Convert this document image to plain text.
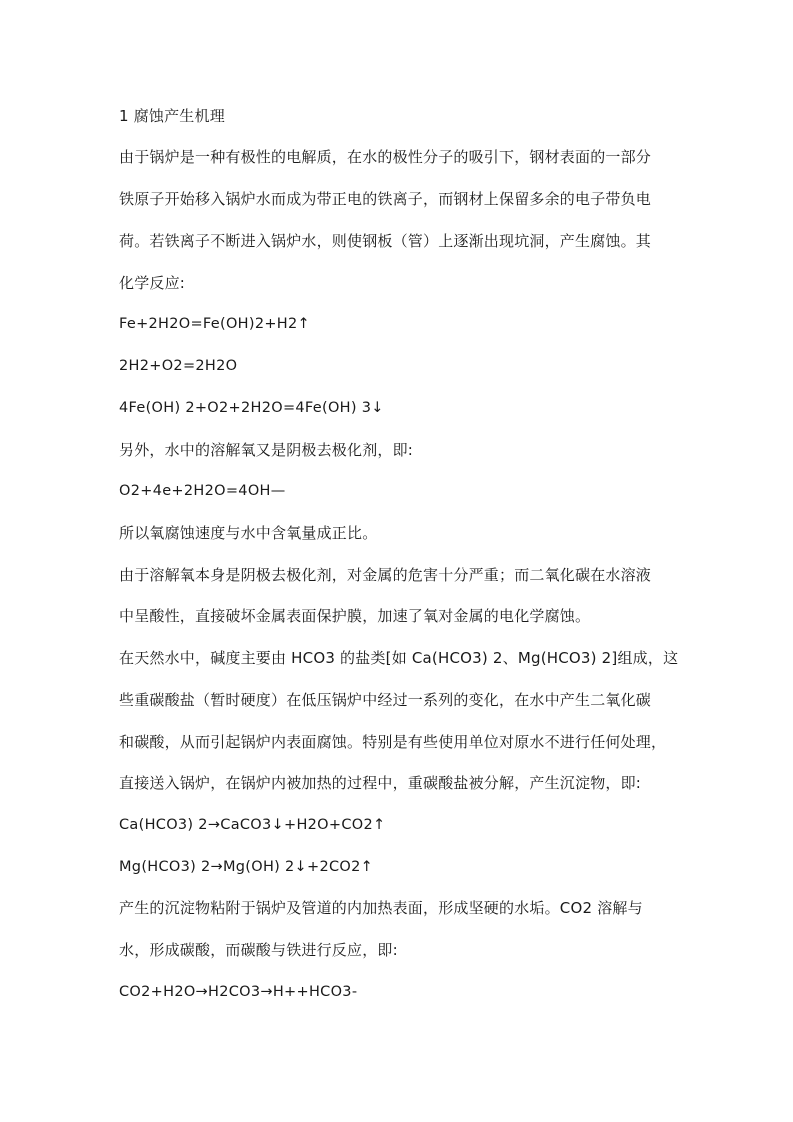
1 腐蚀产生机理
由于锅炉是一种有极性的电解质，在水的极性分子的吸引下，钢材表面的一部分
铁原子开始移入锅炉水而成为带正电的铁离子，而钢材上保留多余的电子带负电
荷。若铁离子不断进入锅炉水，则使钢板（管）上逐渐出现坑洞，产生腐蚀。其
化学反应:
Fe+2H2O=Fe(OH)2+H2↑
2H2+O2=2H2O
4Fe(OH) 2+O2+2H2O=4Fe(OH) 3↓
另外，水中的溶解氧又是阴极去极化剂，即:
O2+4e+2H2O=4OH—
所以氧腐蚀速度与水中含氧量成正比。
由于溶解氧本身是阴极去极化剂，对金属的危害十分严重；而二氧化碳在水溶液
中呈酸性，直接破坏金属表面保护膜，加速了氧对金属的电化学腐蚀。
在天然水中，碱度主要由 HCO3 的盐类[如 Ca(HCO3) 2、Mg(HCO3) 2]组成，这
些重碳酸盐（暂时硬度）在低压锅炉中经过一系列的变化，在水中产生二氧化碳
和碳酸，从而引起锅炉内表面腐蚀。特别是有些使用单位对原水不进行任何处理，
直接送入锅炉，在锅炉内被加热的过程中，重碳酸盐被分解，产生沉淀物，即:
Ca(HCO3) 2→CaCO3↓+H2O+CO2↑
Mg(HCO3) 2→Mg(OH) 2↓+2CO2↑
产生的沉淀物粘附于锅炉及管道的内加热表面，形成坚硬的水垢。CO2 溶解与
水，形成碳酸，而碳酸与铁进行反应，即:
CO2+H2O→H2CO3→H++HCO3-
